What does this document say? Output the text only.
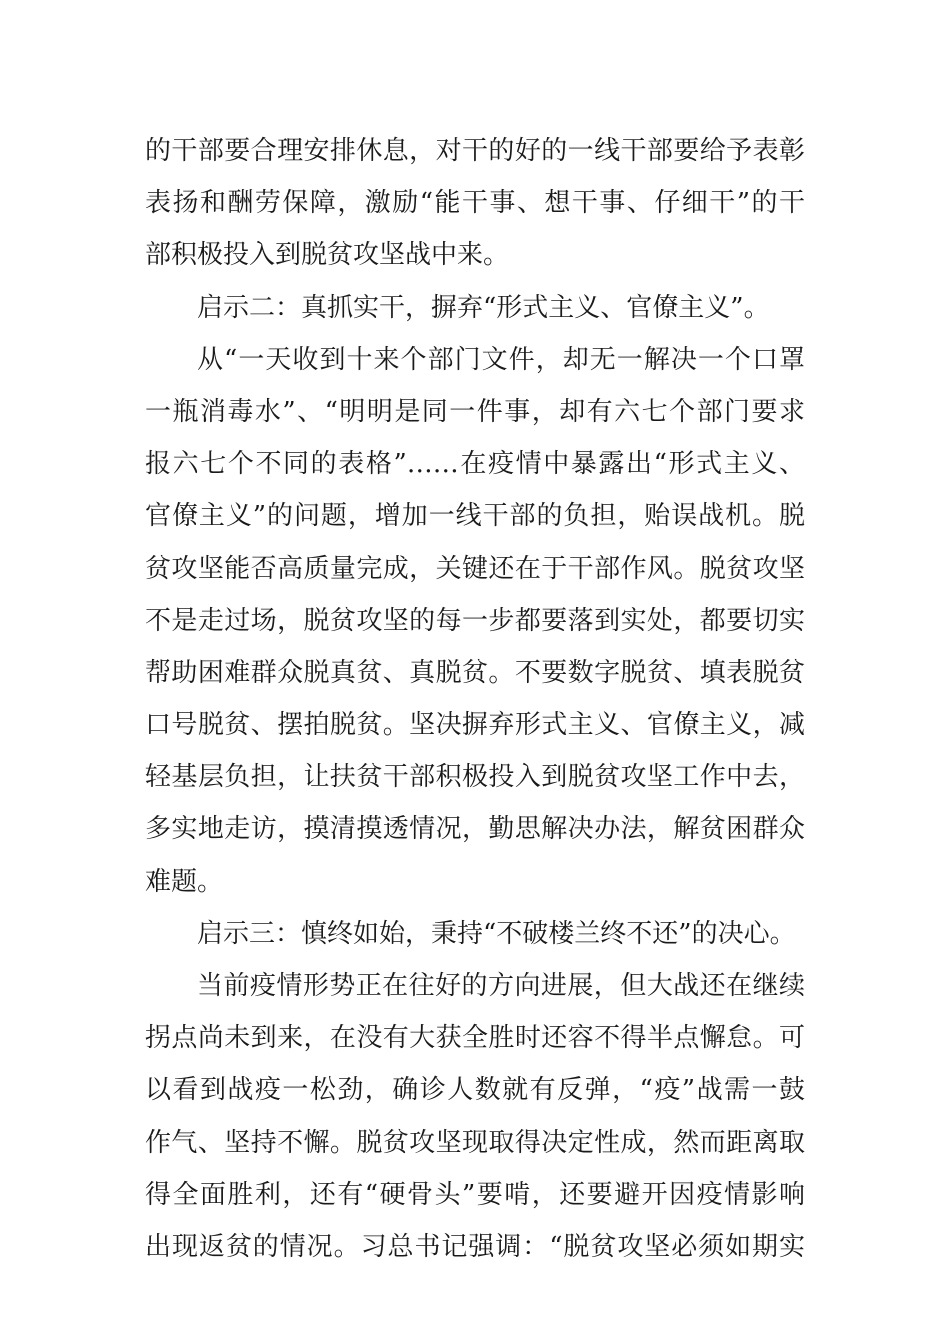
的干部要合理安排休息，对干的好的一线干部要给予表彰
表扬和酬劳保障，激励“能干事、想干事、仔细干”的干
部积极投入到脱贫攻坚战中来。
启示二：真抓实干，摒弃“形式主义、官僚主义”。
从“一天收到十来个部门文件，却无一解决一个口罩
一瓶消毒水”、“明明是同一件事，却有六七个部门要求
报六七个不同的表格”……在疫情中暴露出“形式主义、
官僚主义”的问题，增加一线干部的负担，贻误战机。脱
贫攻坚能否高质量完成，关键还在于干部作风。脱贫攻坚
不是走过场，脱贫攻坚的每一步都要落到实处，都要切实
帮助困难群众脱真贫、真脱贫。不要数字脱贫、填表脱贫
口号脱贫、摆拍脱贫。坚决摒弃形式主义、官僚主义，减
轻基层负担，让扶贫干部积极投入到脱贫攻坚工作中去，
多实地走访，摸清摸透情况，勤思解决办法，解贫困群众
难题。
启示三：慎终如始，秉持“不破楼兰终不还”的决心。
当前疫情形势正在往好的方向进展，但大战还在继续
拐点尚未到来，在没有大获全胜时还容不得半点懈怠。可
以看到战疫一松劲，确诊人数就有反弹，“疫”战需一鼓
作气、坚持不懈。脱贫攻坚现取得决定性成，然而距离取
得全面胜利，还有“硬骨头”要啃，还要避开因疫情影响
出现返贫的情况。习总书记强调：“脱贫攻坚必须如期实
